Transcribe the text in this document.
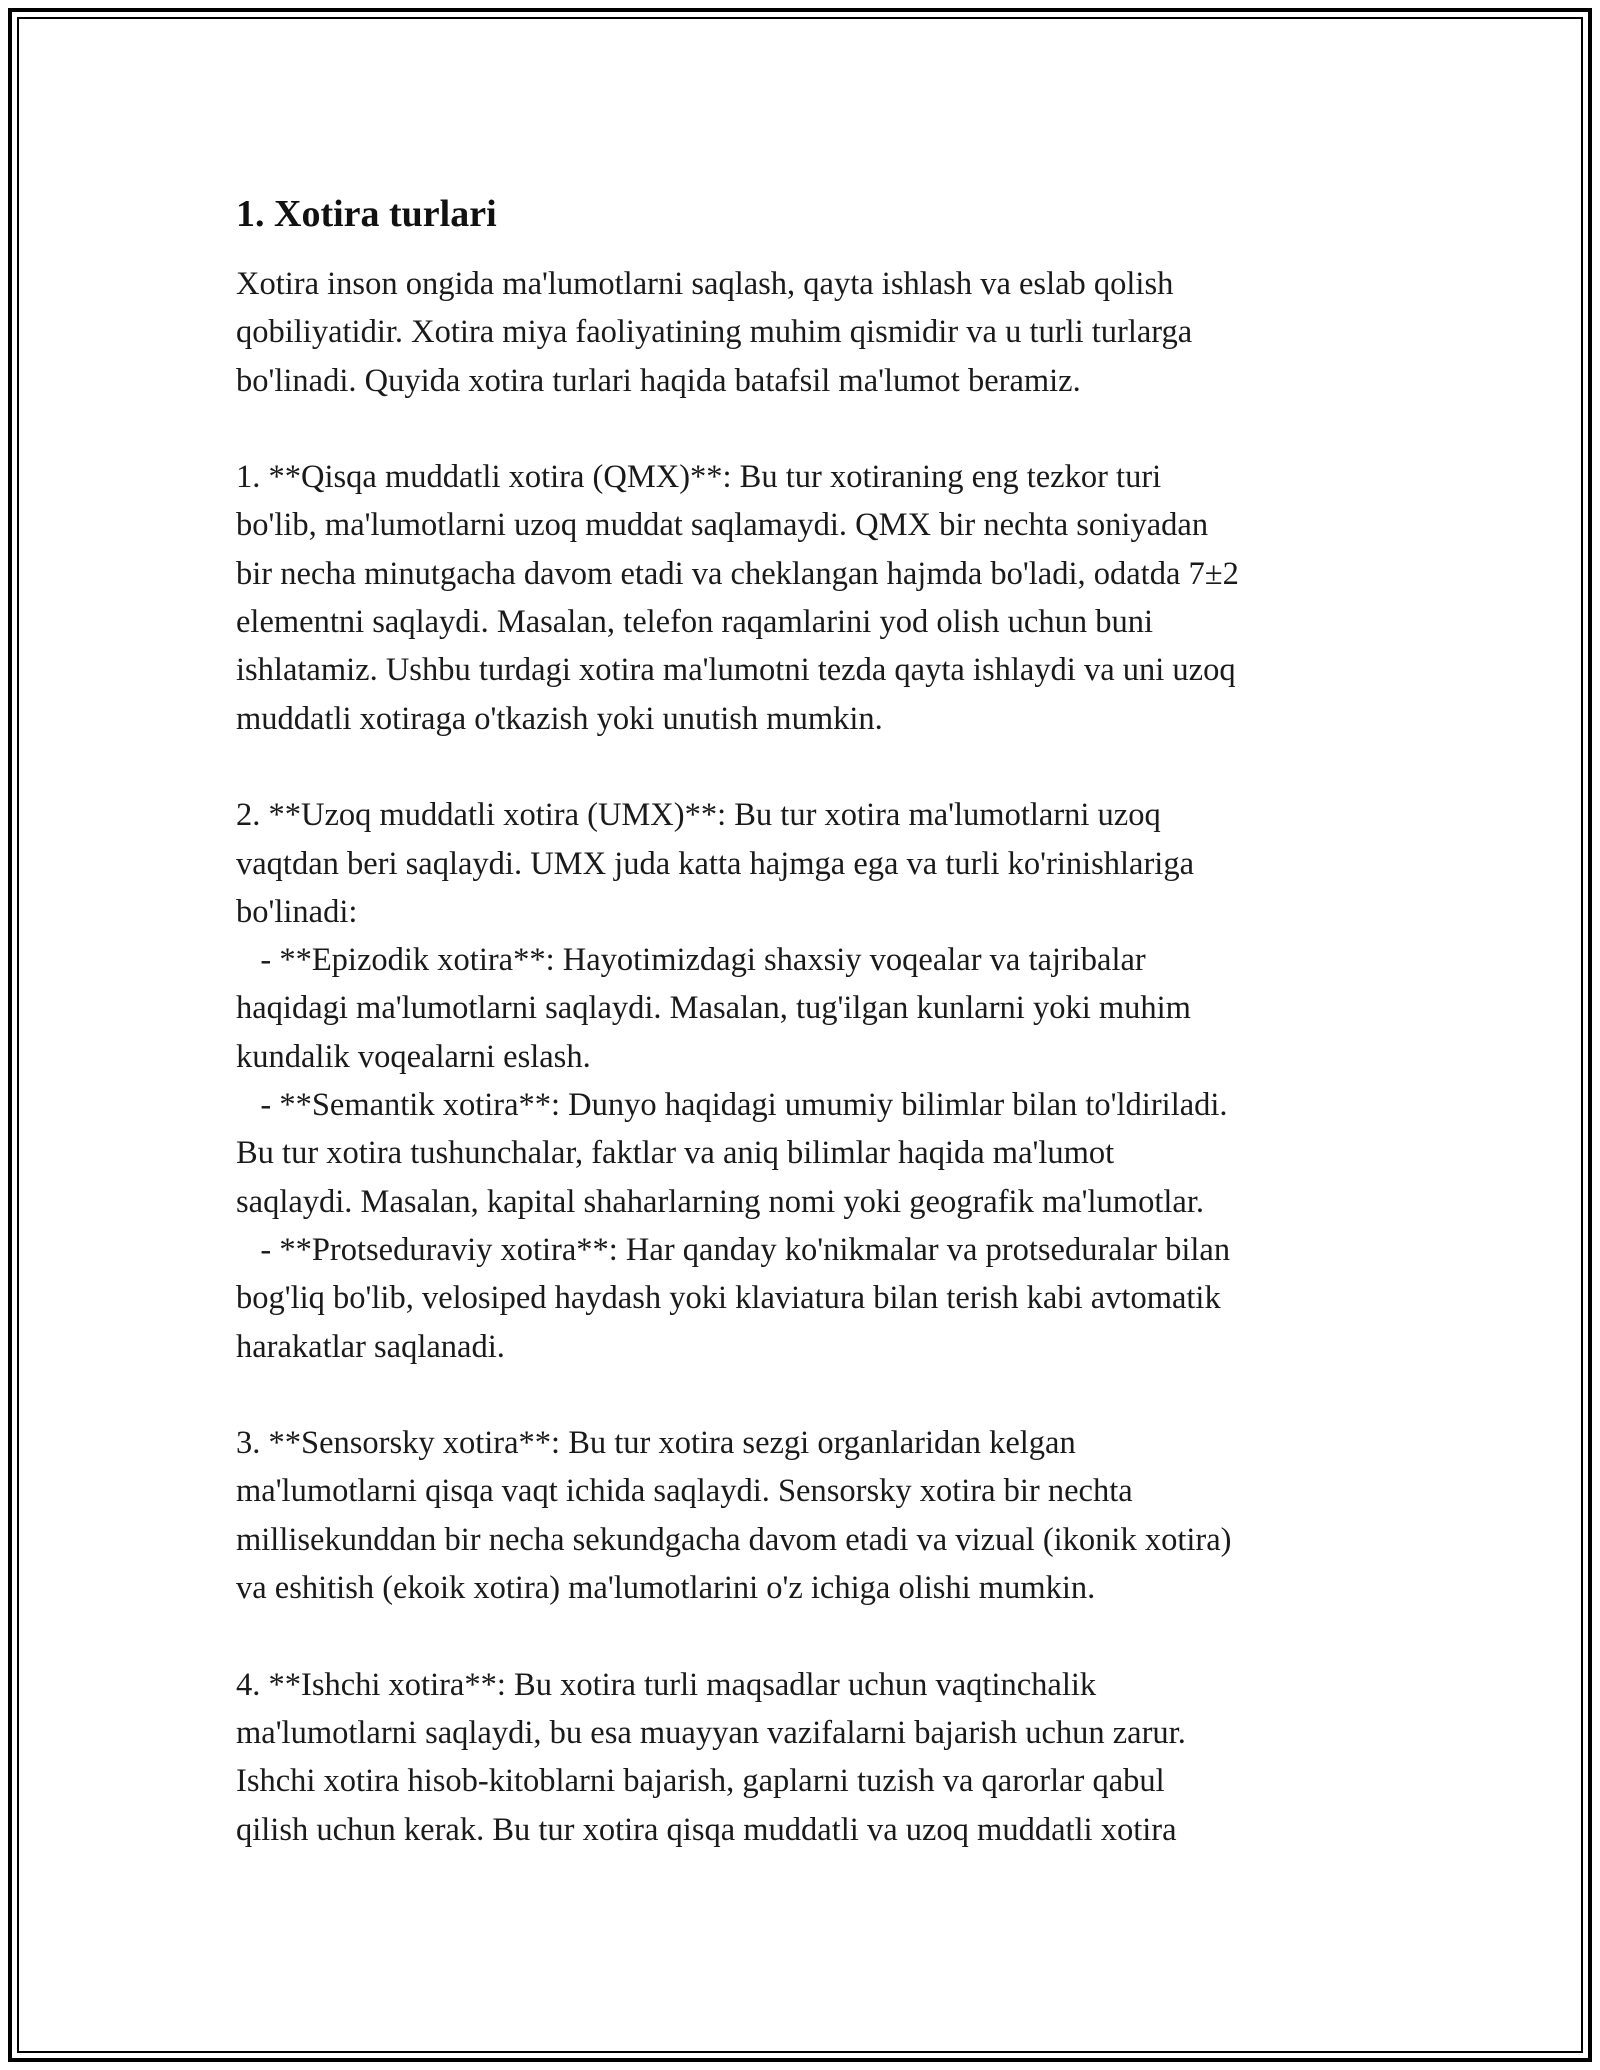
1. Xotira turlari
Xotira inson ongida ma'lumotlarni saqlash, qayta ishlash va eslab qolish
qobiliyatidir. Xotira miya faoliyatining muhim qismidir va u turli turlarga
bo'linadi. Quyida xotira turlari haqida batafsil ma'lumot beramiz.
1. **Qisqa muddatli xotira (QMX)**: Bu tur xotiraning eng tezkor turi
bo'lib, ma'lumotlarni uzoq muddat saqlamaydi. QMX bir nechta soniyadan
bir necha minutgacha davom etadi va cheklangan hajmda bo'ladi, odatda 7±2
elementni saqlaydi. Masalan, telefon raqamlarini yod olish uchun buni
ishlatamiz. Ushbu turdagi xotira ma'lumotni tezda qayta ishlaydi va uni uzoq
muddatli xotiraga o'tkazish yoki unutish mumkin.
2. **Uzoq muddatli xotira (UMX)**: Bu tur xotira ma'lumotlarni uzoq
vaqtdan beri saqlaydi. UMX juda katta hajmga ega va turli ko'rinishlariga
bo'linadi:
- **Epizodik xotira**: Hayotimizdagi shaxsiy voqealar va tajribalar
haqidagi ma'lumotlarni saqlaydi. Masalan, tug'ilgan kunlarni yoki muhim
kundalik voqealarni eslash.
- **Semantik xotira**: Dunyo haqidagi umumiy bilimlar bilan to'ldiriladi.
Bu tur xotira tushunchalar, faktlar va aniq bilimlar haqida ma'lumot
saqlaydi. Masalan, kapital shaharlarning nomi yoki geografik ma'lumotlar.
- **Protseduraviy xotira**: Har qanday ko'nikmalar va protseduralar bilan
bog'liq bo'lib, velosiped haydash yoki klaviatura bilan terish kabi avtomatik
harakatlar saqlanadi.
3. **Sensorsky xotira**: Bu tur xotira sezgi organlaridan kelgan
ma'lumotlarni qisqa vaqt ichida saqlaydi. Sensorsky xotira bir nechta
millisekunddan bir necha sekundgacha davom etadi va vizual (ikonik xotira)
va eshitish (ekoik xotira) ma'lumotlarini o'z ichiga olishi mumkin.
4. **Ishchi xotira**: Bu xotira turli maqsadlar uchun vaqtinchalik
ma'lumotlarni saqlaydi, bu esa muayyan vazifalarni bajarish uchun zarur.
Ishchi xotira hisob-kitoblarni bajarish, gaplarni tuzish va qarorlar qabul
qilish uchun kerak. Bu tur xotira qisqa muddatli va uzoq muddatli xotira
